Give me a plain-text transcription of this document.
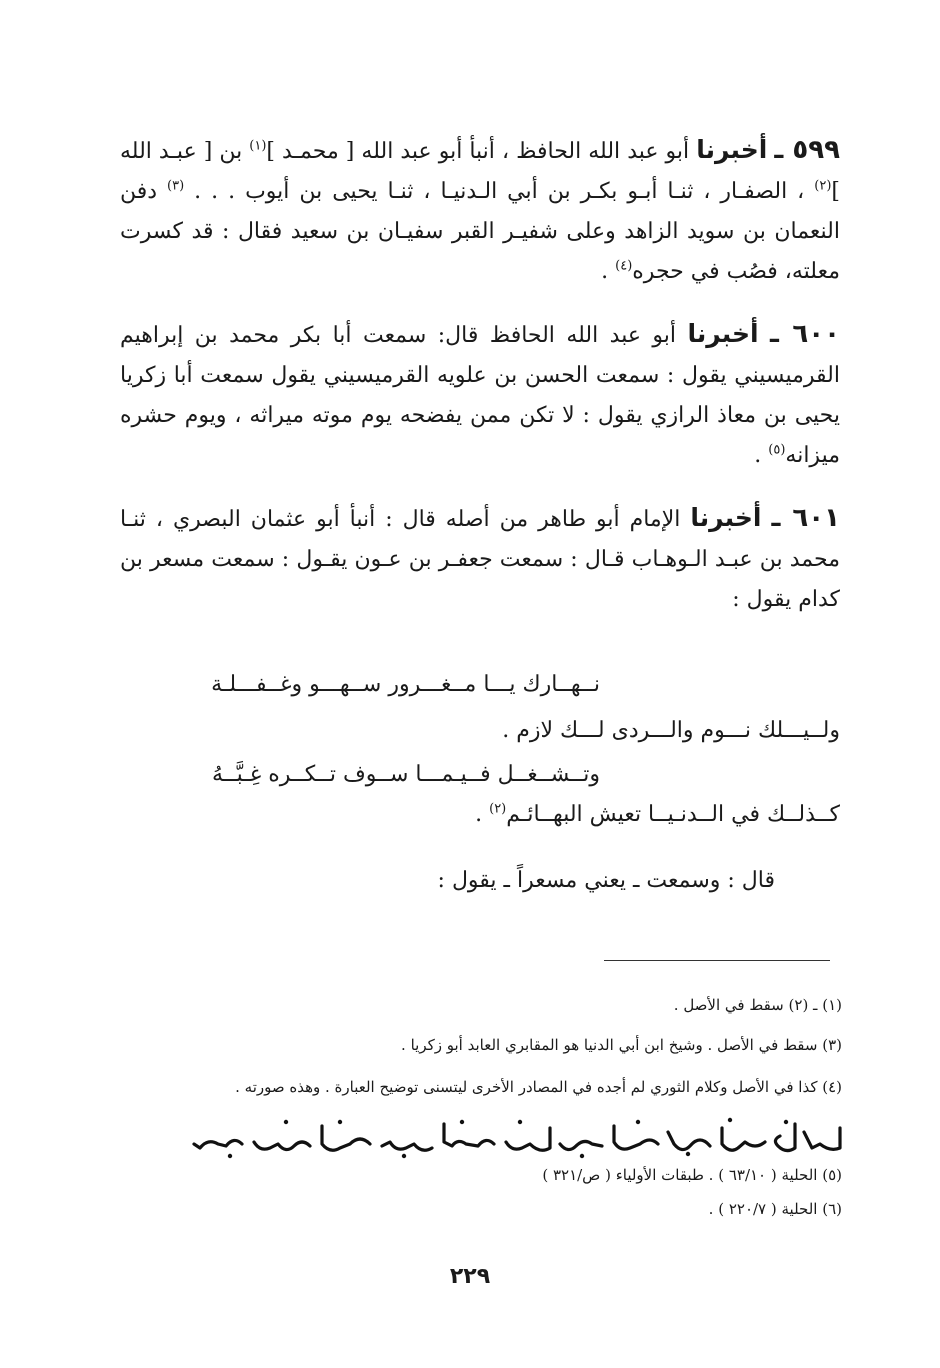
٥٩٩ ـ أخبرنا أبو عبد الله الحافظ ، أنبأ أبو عبد الله [ محمـد ]$^{(١)}$ بن [ عبـد الله ]$^{(٢)}$ ، الصفـار ، ثنـا أبـو بكـر بن أبي الـدنيـا ، ثنـا يحيى بن أيوب . . . $^{(٣)}$ دفن النعمان بن سويد الزاهد وعلى شفيـر القبر سفيـان بن سعيد فقال : قد كسرت معلته، فصُب في حجره$^{(٤)}$ .

٦٠٠ ـ أخبرنا أبو عبد الله الحافظ قال: سمعت أبا بكر محمد بن إبراهيم القرميسيني يقول : سمعت الحسن بن علويه القرميسيني يقول سمعت أبا زكريا يحيى بن معاذ الرازي يقول : لا تكن ممن يفضحه يوم موته ميراثه ، ويوم حشره ميزانه$^{(٥)}$ .

٦٠١ ـ أخبرنا الإمام أبو طاهر من أصله قال : أنبأ أبو عثمان البصري ، ثنـا محمد بن عبـد الـوهـاب قـال : سمعت جعفـر بن عـون يقـول : سمعت مسعر بن كدام يقول :

نــهــارك يـــا مــغـــرور ســهـــو وغــفـــلـة
ولــيـــلك نـــوم والـــردى لـــك لازم .
وتــشــغــل فــيـمـــا ســوف تــكــره غِـبَّــهُ
كــذلــك في الــدنـيــا تعيش البهــائـم$^{(٢)}$ .
قال : وسمعت ـ يعني مسعراً ـ يقول :
(١) ـ (٢) سقط في الأصل .
(٣) سقط في الأصل . وشيخ ابن أبي الدنيا هو المقابري العابد أبو زكريا .
(٤) كذا في الأصل وكلام الثوري لم أجده في المصادر الأخرى ليتسنى توضيح العبارة . وهذه صورته .
(٥) الحلية ( ٦٣/١٠ ) . طبقات الأولياء ( ص/٣٢١ )
(٦) الحلية ( ٢٢٠/٧ ) .
٢٢٩
